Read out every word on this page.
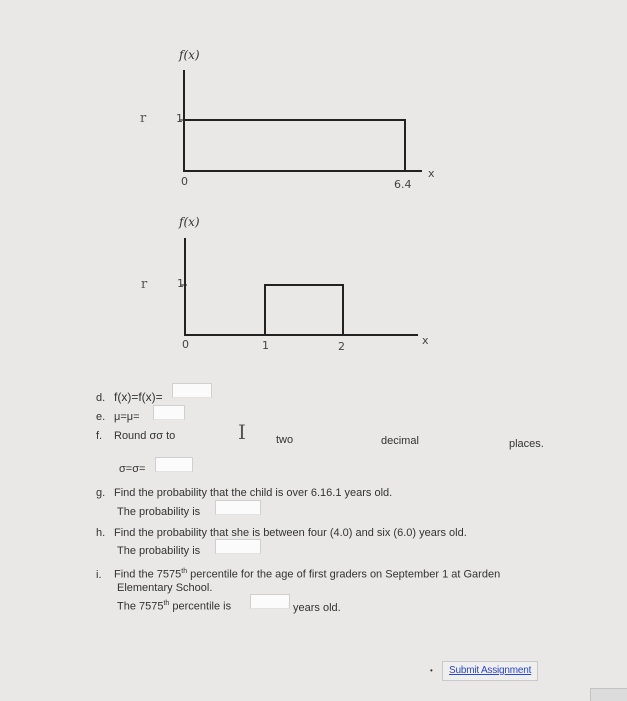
f(x)
1
0	6.4
x
r
f(x)
1
0	1	2	x
r
d. f(x)=f(x)=
e. μ=μ=
f. Round σσ to	I	two	decimal	places.
σ=σ=
g. Find the probability that the child is over 6.16.1 years old.
The probability is
h. Find the probability that she is between four (4.0) and six (6.0) years old.
The probability is
i. Find the 7575th percentile for the age of first graders on September 1 at Garden
Elementary School.
The 7575th percentile is	years old.
•	Submit Assignment
